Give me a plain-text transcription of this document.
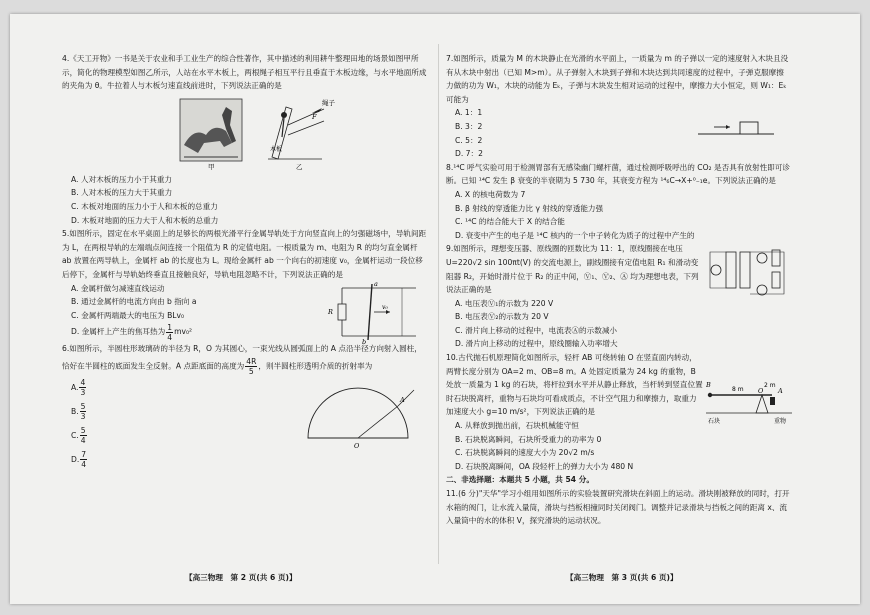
4.《天工开物》一书是关于农业和手工业生产的综合性著作，其中描述的利用耕牛整理田地的场景如图甲所示，简化的物理模型如图乙所示，人站在水平木板上，两根绳子相互平行且垂直于木板边缘，与水平地面所成的夹角为 θ。牛拉着人与木板匀速直线前进时，下列说法正确的是

绳子
F
木板
甲	乙

A. 人对木板的压力小于其重力

B. 人对木板的压力大于其重力

C. 木板对地面的压力小于人和木板的总重力

D. 木板对地面的压力大于人和木板的总重力

5.如图所示，固定在水平桌面上的足够长的两根光滑平行金属导轨处于方向竖直向上的匀强磁场中，导轨间距为 L，在两根导轨的左端端点间连接一个阻值为 R 的定值电阻。一根质量为 m、电阻为 R 的均匀直金属杆 ab 放置在两导轨上，金属杆 ab 的长度也为 L。现给金属杆 ab 一个向右的初速度 v₀，金属杆运动一段位移后停下，金属杆与导轨始终垂直且接触良好，导轨电阻忽略不计，下列说法正确的是

R
a
b
v₀

A. 金属杆做匀减速直线运动

B. 通过金属杆的电流方向由 b 指向 a

C. 金属杆两端最大的电压为 BLv₀

D. 金属杆上产生的焦耳热为 $\frac{1}{4} mv_0^2$

6.如图所示，半圆柱形玻璃砖的半径为 R，O 为其圆心，一束光线从圆弧面上的 A 点沿半径方向射入圆柱，恰好在半圆柱的底面发生全反射。A 点距底面的高度为 $\frac{4R}{5}$ ，则半圆柱形透明介质的折射率为

A
O

A. $\frac{4}{3}$

B. $\frac{5}{3}$

C. $\frac{5}{4}$

D. $\frac{7}{4}$

【高三物理　第 2 页(共 6 页)】

7.如图所示，质量为 M 的木块静止在光滑的水平面上，一质量为 m 的子弹以一定的速度射入木块且没有从木块中射出（已知 M>m）。从子弹射入木块到子弹和木块达到共同速度的过程中，子弹克服摩擦力做的功为 W₁，木块的动能为 Eₖ，子弹与木块发生相对运动的过程中，摩擦力大小恒定，则 W₁：Eₖ 可能为

A. 1：1

B. 3：2

C. 5：2

D. 7：2

8.¹⁴C 呼气实验可用于检测胃部有无感染幽门螺杆菌，通过检测呼吸呼出的 CO₂ 是否具有放射性即可诊断。已知 ¹⁴C 发生 β 衰变的半衰期为 5 730 年，其衰变方程为 ¹⁴₆C→X+⁰₋₁e。下列说法正确的是

A. X 的核电荷数为 7

B. β 射线的穿透能力比 γ 射线的穿透能力强

C. ¹⁴C 的结合能大于 X 的结合能

D. 衰变中产生的电子是 ¹⁴C 核内的一个中子转化为质子的过程中产生的

9.如图所示，理想变压器、原线圈的匝数比为 11：1，原线圈接在电压 U=220√2 sin 100πt(V) 的交流电源上，副线圈接有定值电阻 R₁ 和滑动变阻器 R₂，开始时滑片位于 R₂ 的正中间，Ⓥ₁、Ⓥ₂、Ⓐ 均为理想电表，下列说法正确的是

A. 电压表Ⓥ₁的示数为 220 V

B. 电压表Ⓥ₂的示数为 20 V

C. 滑片向上移动的过程中，电流表Ⓐ的示数减小

D. 滑片向上移动的过程中，原线圈输入功率增大

10.古代抛石机原理简化如图所示，轻杆 AB 可绕转轴 O 在竖直面内转动，两臂长度分别为 OA=2 m、OB=8 m。A 处固定质量为 24 kg 的重物，B 处放一质量为 1 kg 的石块，将杆拉到水平并从静止释放，当杆转到竖直位置时石块脱离杆，重物与石块均可看成质点，不计空气阻力和摩擦力，取重力加速度大小 g=10 m/s²，下列说法正确的是

石块	重物
8 m
2 m
B
A
O

A. 从释放到抛出前，石块机械能守恒

B. 石块脱离瞬间，石块所受重力的功率为 0

C. 石块脱离瞬间的速度大小为 20√2 m/s

D. 石块脱离瞬间，OA 段轻杆上的弹力大小为 480 N

二、非选择题：本题共 5 小题，共 54 分。

11.(6 分)"天华"学习小组用如图所示的实验装置研究滑块在斜面上的运动。滑块刚被释放的同时，打开水箱的阀门，让水流入量筒，滑块与挡板相撞同时关闭阀门。调整并记录滑块与挡板之间的距离 x、流入量筒中的水的体积 V，探究滑块的运动状况。

【高三物理　第 3 页(共 6 页)】
